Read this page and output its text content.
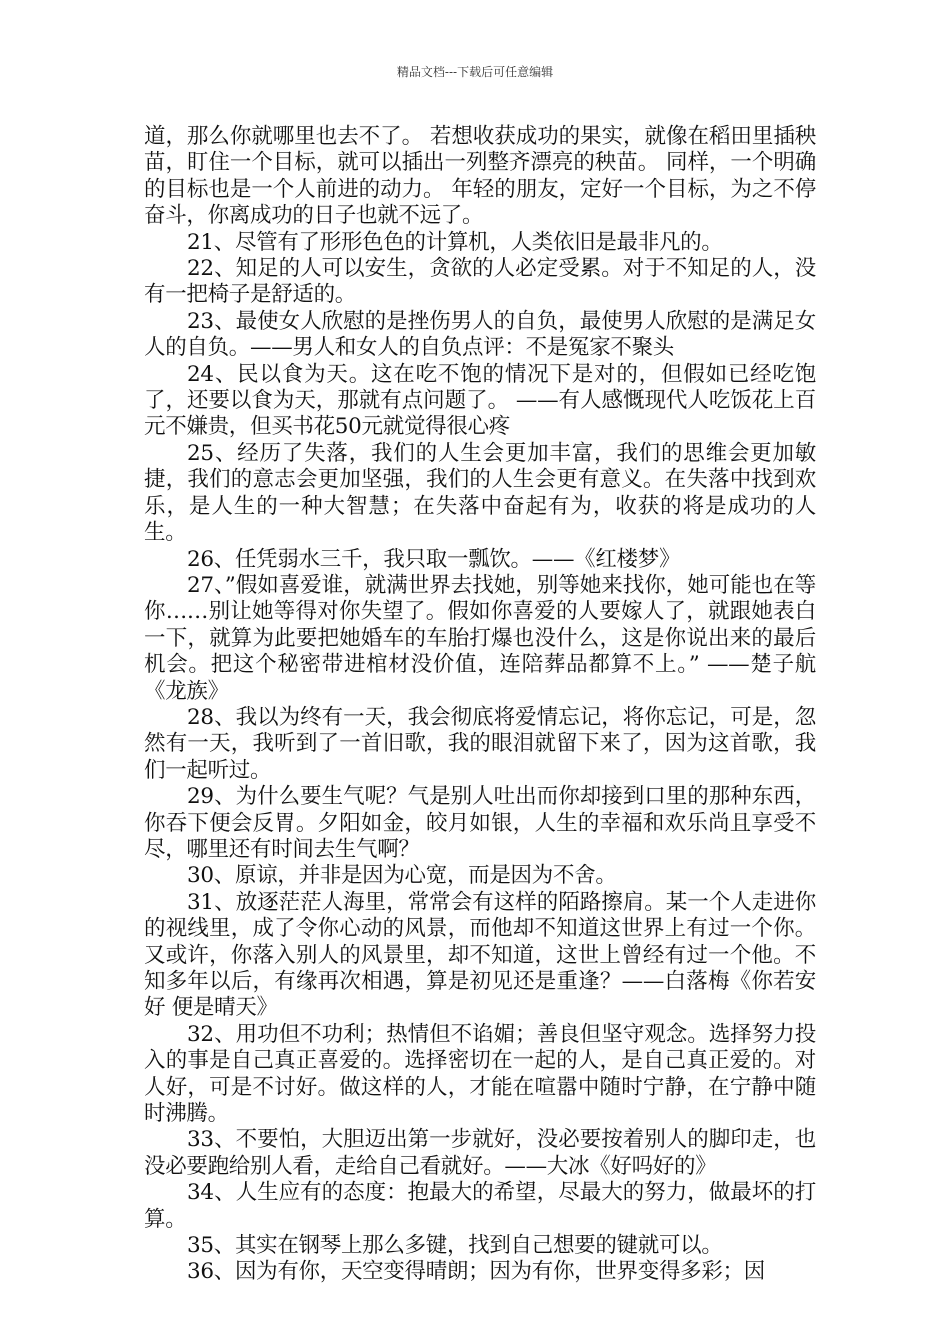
精品文档---下载后可任意编辑

道，那么你就哪里也去不了。 若想收获成功的果实，就像在稻田里插秧苗，盯住一个目标，就可以插出一列整齐漂亮的秧苗。 同样，一个明确的目标也是一个人前进的动力。 年轻的朋友，定好一个目标，为之不停奋斗，你离成功的日子也就不远了。

21、尽管有了形形色色的计算机，人类依旧是最非凡的。

22、知足的人可以安生，贪欲的人必定受累。对于不知足的人，没有一把椅子是舒适的。

23、最使女人欣慰的是挫伤男人的自负，最使男人欣慰的是满足女人的自负。——男人和女人的自负点评：不是冤家不聚头

24、民以食为天。这在吃不饱的情况下是对的，但假如已经吃饱了，还要以食为天，那就有点问题了。 ——有人感慨现代人吃饭花上百元不嫌贵，但买书花50元就觉得很心疼

25、经历了失落，我们的人生会更加丰富，我们的思维会更加敏捷，我们的意志会更加坚强，我们的人生会更有意义。在失落中找到欢乐，是人生的一种大智慧；在失落中奋起有为，收获的将是成功的人生。

26、任凭弱水三千，我只取一瓢饮。——《红楼梦》

27、”假如喜爱谁，就满世界去找她，别等她来找你，她可能也在等你……别让她等得对你失望了。假如你喜爱的人要嫁人了，就跟她表白一下，就算为此要把她婚车的车胎打爆也没什么，这是你说出来的最后机会。把这个秘密带进棺材没价值，连陪葬品都算不上。” ——楚子航《龙族》

28、我以为终有一天，我会彻底将爱情忘记，将你忘记，可是，忽然有一天，我听到了一首旧歌，我的眼泪就留下来了，因为这首歌，我们一起听过。

29、为什么要生气呢？气是别人吐出而你却接到口里的那种东西，你吞下便会反胃。夕阳如金，皎月如银，人生的幸福和欢乐尚且享受不尽，哪里还有时间去生气啊？

30、原谅，并非是因为心宽，而是因为不舍。

31、放逐茫茫人海里，常常会有这样的陌路擦肩。某一个人走进你的视线里，成了令你心动的风景，而他却不知道这世界上有过一个你。又或许，你落入别人的风景里，却不知道，这世上曾经有过一个他。不知多年以后，有缘再次相遇，算是初见还是重逢？——白落梅《你若安好 便是晴天》

32、用功但不功利；热情但不谄媚；善良但坚守观念。选择努力投入的事是自己真正喜爱的。选择密切在一起的人，是自己真正爱的。对人好，可是不讨好。做这样的人，才能在喧嚣中随时宁静，在宁静中随时沸腾。

33、不要怕，大胆迈出第一步就好，没必要按着别人的脚印走，也没必要跑给别人看，走给自己看就好。——大冰《好吗好的》

34、人生应有的态度：抱最大的希望，尽最大的努力，做最坏的打算。

35、其实在钢琴上那么多键，找到自己想要的键就可以。

36、因为有你，天空变得晴朗；因为有你，世界变得多彩；因
